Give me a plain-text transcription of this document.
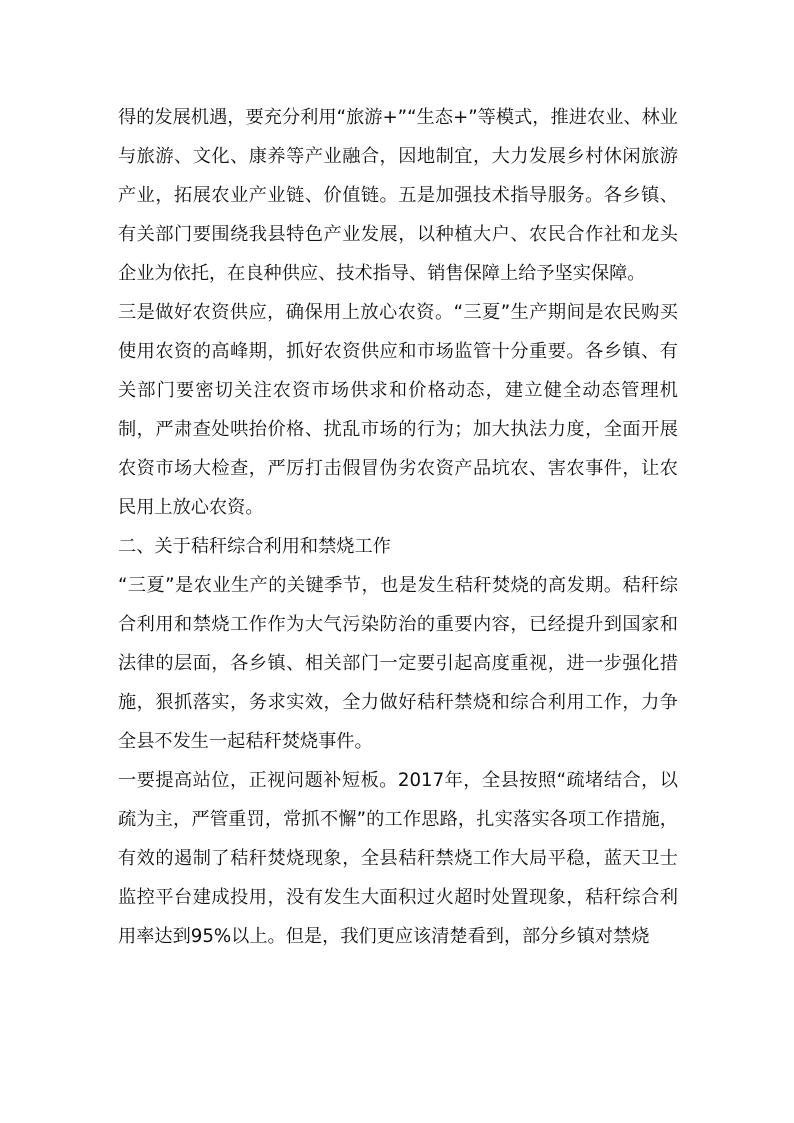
得的发展机遇，要充分利用“旅游+”“生态+”等模式，推进农业、林业与旅游、文化、康养等产业融合，因地制宜，大力发展乡村休闲旅游产业，拓展农业产业链、价值链。五是加强技术指导服务。各乡镇、有关部门要围绕我县特色产业发展，以种植大户、农民合作社和龙头企业为依托，在良种供应、技术指导、销售保障上给予坚实保障。

三是做好农资供应，确保用上放心农资。“三夏”生产期间是农民购买使用农资的高峰期，抓好农资供应和市场监管十分重要。各乡镇、有关部门要密切关注农资市场供求和价格动态，建立健全动态管理机制，严肃查处哄抬价格、扰乱市场的行为；加大执法力度，全面开展农资市场大检查，严厉打击假冒伪劣农资产品坑农、害农事件，让农民用上放心农资。

二、关于秸秆综合利用和禁烧工作

“三夏”是农业生产的关键季节，也是发生秸秆焚烧的高发期。秸秆综合利用和禁烧工作作为大气污染防治的重要内容，已经提升到国家和法律的层面，各乡镇、相关部门一定要引起高度重视，进一步强化措施，狠抓落实，务求实效，全力做好秸秆禁烧和综合利用工作，力争全县不发生一起秸秆焚烧事件。

一要提高站位，正视问题补短板。2017年，全县按照“疏堵结合，以疏为主，严管重罚，常抓不懈”的工作思路，扎实落实各项工作措施，有效的遏制了秸秆焚烧现象，全县秸秆禁烧工作大局平稳，蓝天卫士监控平台建成投用，没有发生大面积过火超时处置现象，秸秆综合利用率达到95%以上。但是，我们更应该清楚看到，部分乡镇对禁烧
